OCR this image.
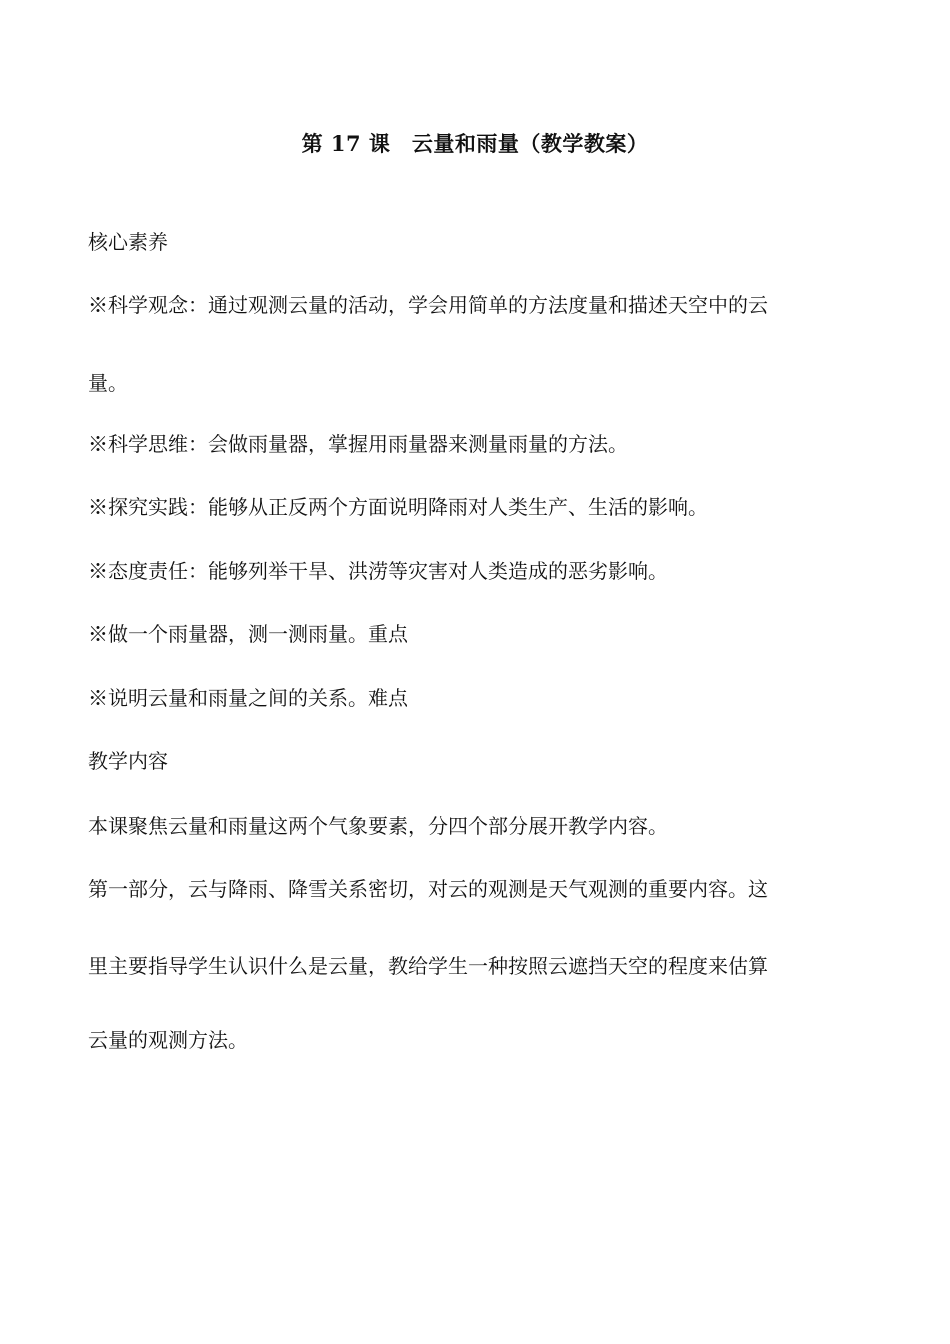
第 17 课　云量和雨量（教学教案）
核心素养
※科学观念：通过观测云量的活动，学会用简单的方法度量和描述天空中的云
量。
※科学思维：会做雨量器，掌握用雨量器来测量雨量的方法。
※探究实践：能够从正反两个方面说明降雨对人类生产、生活的影响。
※态度责任：能够列举干旱、洪涝等灾害对人类造成的恶劣影响。
※做一个雨量器，测一测雨量。重点
※说明云量和雨量之间的关系。难点
教学内容
本课聚焦云量和雨量这两个气象要素，分四个部分展开教学内容。
第一部分，云与降雨、降雪关系密切，对云的观测是天气观测的重要内容。这
里主要指导学生认识什么是云量，教给学生一种按照云遮挡天空的程度来估算
云量的观测方法。
